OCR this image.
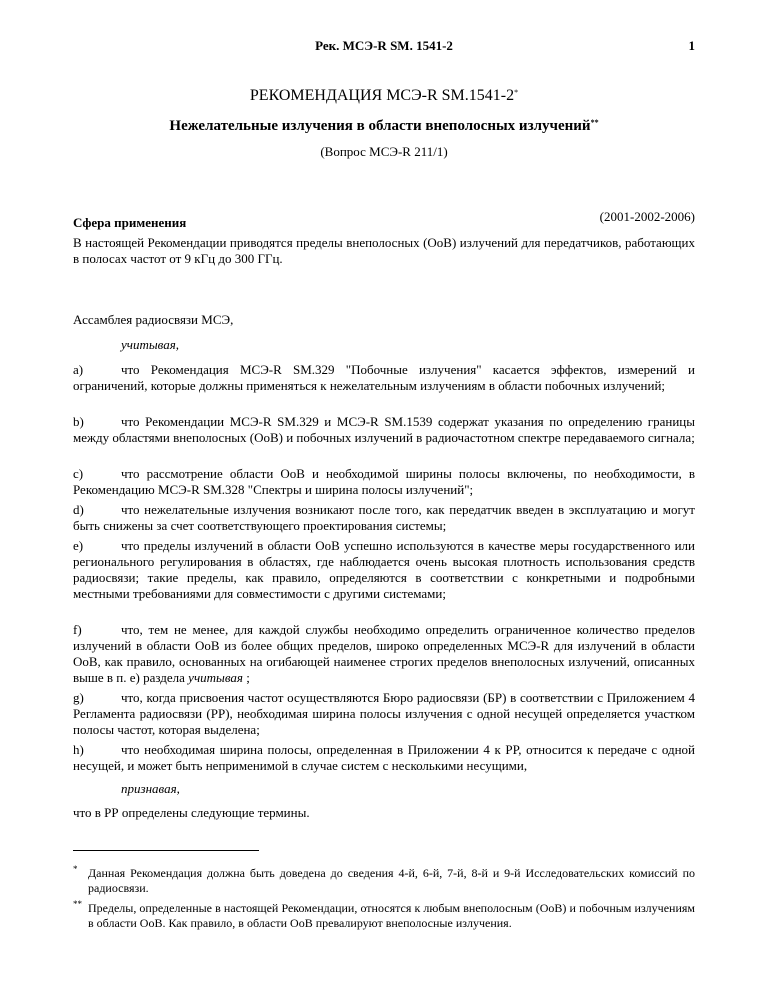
Рек. МСЭ-R SM. 1541-2	1
РЕКОМЕНДАЦИЯ МСЭ-R SM.1541-2*
Нежелательные излучения в области внеполосных излучений**
(Вопрос МСЭ-R 211/1)
(2001-2002-2006)
Сфера применения
В настоящей Рекомендации приводятся пределы внеполосных (OoB) излучений для передатчиков, работающих в полосах частот от 9 кГц до 300 ГГц.
Ассамблея радиосвязи МСЭ,
учитывая,
a)	что Рекомендация МСЭ-R SM.329 "Побочные излучения" касается эффектов, измерений и ограничений, которые должны применяться к нежелательным излучениям в области побочных излучений;
b)	что Рекомендации МСЭ-R SM.329 и МСЭ-R SM.1539 содержат указания по определению границы между областями внеполосных (OoB) и побочных излучений в радиочастотном спектре передаваемого сигнала;
c)	что рассмотрение области OoB и необходимой ширины полосы включены, по необходимости, в Рекомендацию МСЭ-R SM.328 "Спектры и ширина полосы излучений";
d)	что нежелательные излучения возникают после того, как передатчик введен в эксплуатацию и могут быть снижены за счет соответствующего проектирования системы;
e)	что пределы излучений в области OoB успешно используются в качестве меры государственного или регионального регулирования в областях, где наблюдается очень высокая плотность использования средств радиосвязи; такие пределы, как правило, определяются в соответствии с конкретными и подробными местными требованиями для совместимости с другими системами;
f)	что, тем не менее, для каждой службы необходимо определить ограниченное количество пределов излучений в области OoB из более общих пределов, широко определенных МСЭ-R для излучений в области OoB, как правило, основанных на огибающей наименее строгих пределов внеполосных излучений, описанных выше в п. e) раздела учитывая ;
g)	что, когда присвоения частот осуществляются Бюро радиосвязи (БР) в соответствии с Приложением 4 Регламента радиосвязи (РР), необходимая ширина полосы излучения с одной несущей определяется участком полосы частот, которая выделена;
h)	что необходимая ширина полосы, определенная в Приложении 4 к РР, относится к передаче с одной несущей, и может быть неприменимой в случае систем с несколькими несущими,
признавая,
что в РР определены следующие термины.
* Данная Рекомендация должна быть доведена до сведения 4-й, 6-й, 7-й, 8-й и 9-й Исследовательских комиссий по радиосвязи.
** Пределы, определенные в настоящей Рекомендации, относятся к любым внеполосным (OoB) и побочным излучениям в области OoB. Как правило, в области OoB превалируют внеполосные излучения.
